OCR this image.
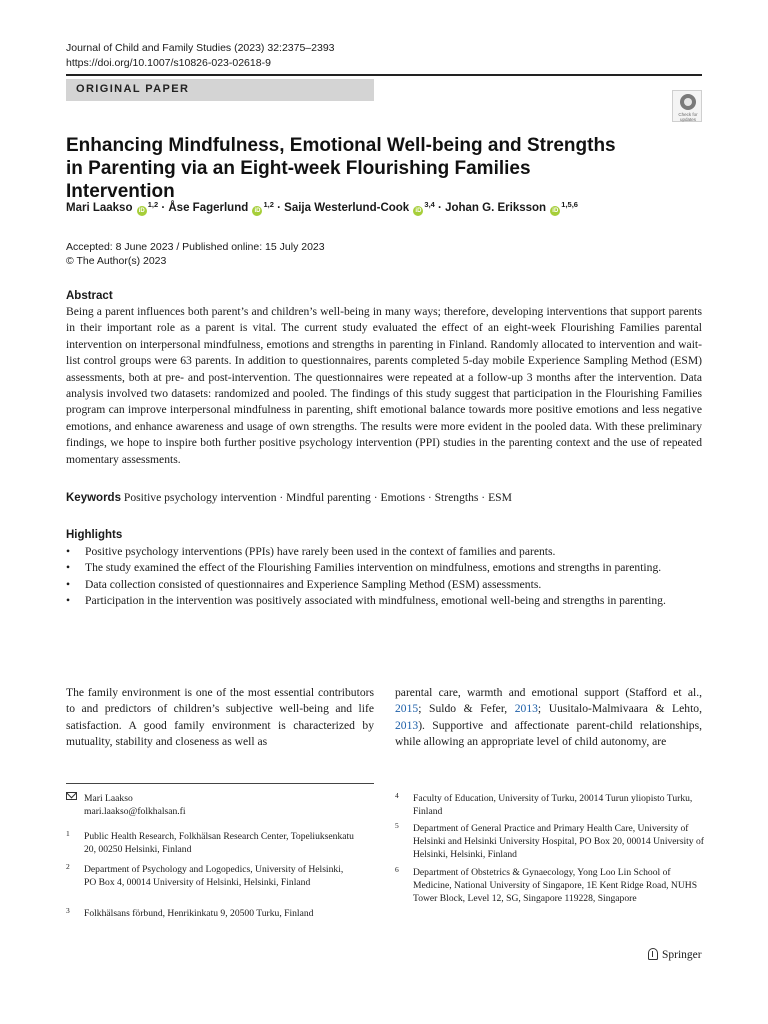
Journal of Child and Family Studies (2023) 32:2375–2393
https://doi.org/10.1007/s10826-023-02618-9
ORIGINAL PAPER
Check for updates
Enhancing Mindfulness, Emotional Well-being and Strengths in Parenting via an Eight-week Flourishing Families Intervention
Mari Laakso iD$^{1,2}$ · Åse Fagerlund iD$^{1,2}$ · Saija Westerlund-Cook iD$^{3,4}$ · Johan G. Eriksson iD$^{1,5,6}$
Accepted: 8 June 2023 / Published online: 15 July 2023
© The Author(s) 2023
Abstract

Being a parent influences both parent’s and children’s well-being in many ways; therefore, developing interventions that support parents in their important role as a parent is vital. The current study evaluated the effect of an eight-week Flourishing Families parental intervention on interpersonal mindfulness, emotions and strengths in parenting in Finland. Randomly allocated to intervention and wait-list control groups were 63 parents. In addition to questionnaires, parents completed 5-day mobile Experience Sampling Method (ESM) assessments, both at pre- and post-intervention. The questionnaires were repeated at a follow-up 3 months after the intervention. Data analysis involved two datasets: randomized and pooled. The findings of this study suggest that participation in the Flourishing Families program can improve interpersonal mindfulness in parenting, shift emotional balance towards more positive emotions and less negative emotions, and enhance awareness and usage of own strengths. The results were more evident in the pooled data. With these preliminary findings, we hope to inspire both further positive psychology intervention (PPI) studies in the parenting context and the use of repeated momentary assessments.

Keywords Positive psychology intervention · Mindful parenting · Emotions · Strengths · ESM
Highlights
• Positive psychology interventions (PPIs) have rarely been used in the context of families and parents.
• The study examined the effect of the Flourishing Families intervention on mindfulness, emotions and strengths in parenting.
• Data collection consisted of questionnaires and Experience Sampling Method (ESM) assessments.
• Participation in the intervention was positively associated with mindfulness, emotional well-being and strengths in parenting.

The family environment is one of the most essential contributors to and predictors of children’s subjective well-being and life satisfaction. A good family environment is characterized by mutuality, stability and closeness as well as

parental care, warmth and emotional support (Stafford et al., 2015; Suldo & Fefer, 2013; Uusitalo-Malmivaara & Lehto, 2013). Supportive and affectionate parent-child relationships, while allowing an appropriate level of child autonomy, are

Mari Laakso
mari.laakso@folkhalsan.fi
1 Public Health Research, Folkhälsan Research Center, Topeliuksenkatu 20, 00250 Helsinki, Finland
2 Department of Psychology and Logopedics, University of Helsinki, PO Box 4, 00014 University of Helsinki, Helsinki, Finland
3 Folkhälsans förbund, Henrikinkatu 9, 20500 Turku, Finland
4 Faculty of Education, University of Turku, 20014 Turun yliopisto Turku, Finland
5 Department of General Practice and Primary Health Care, University of Helsinki and Helsinki University Hospital, PO Box 20, 00014 University of Helsinki, Helsinki, Finland
6 Department of Obstetrics & Gynaecology, Yong Loo Lin School of Medicine, National University of Singapore, 1E Kent Ridge Road, NUHS Tower Block, Level 12, SG, Singapore 119228, Singapore
Springer
